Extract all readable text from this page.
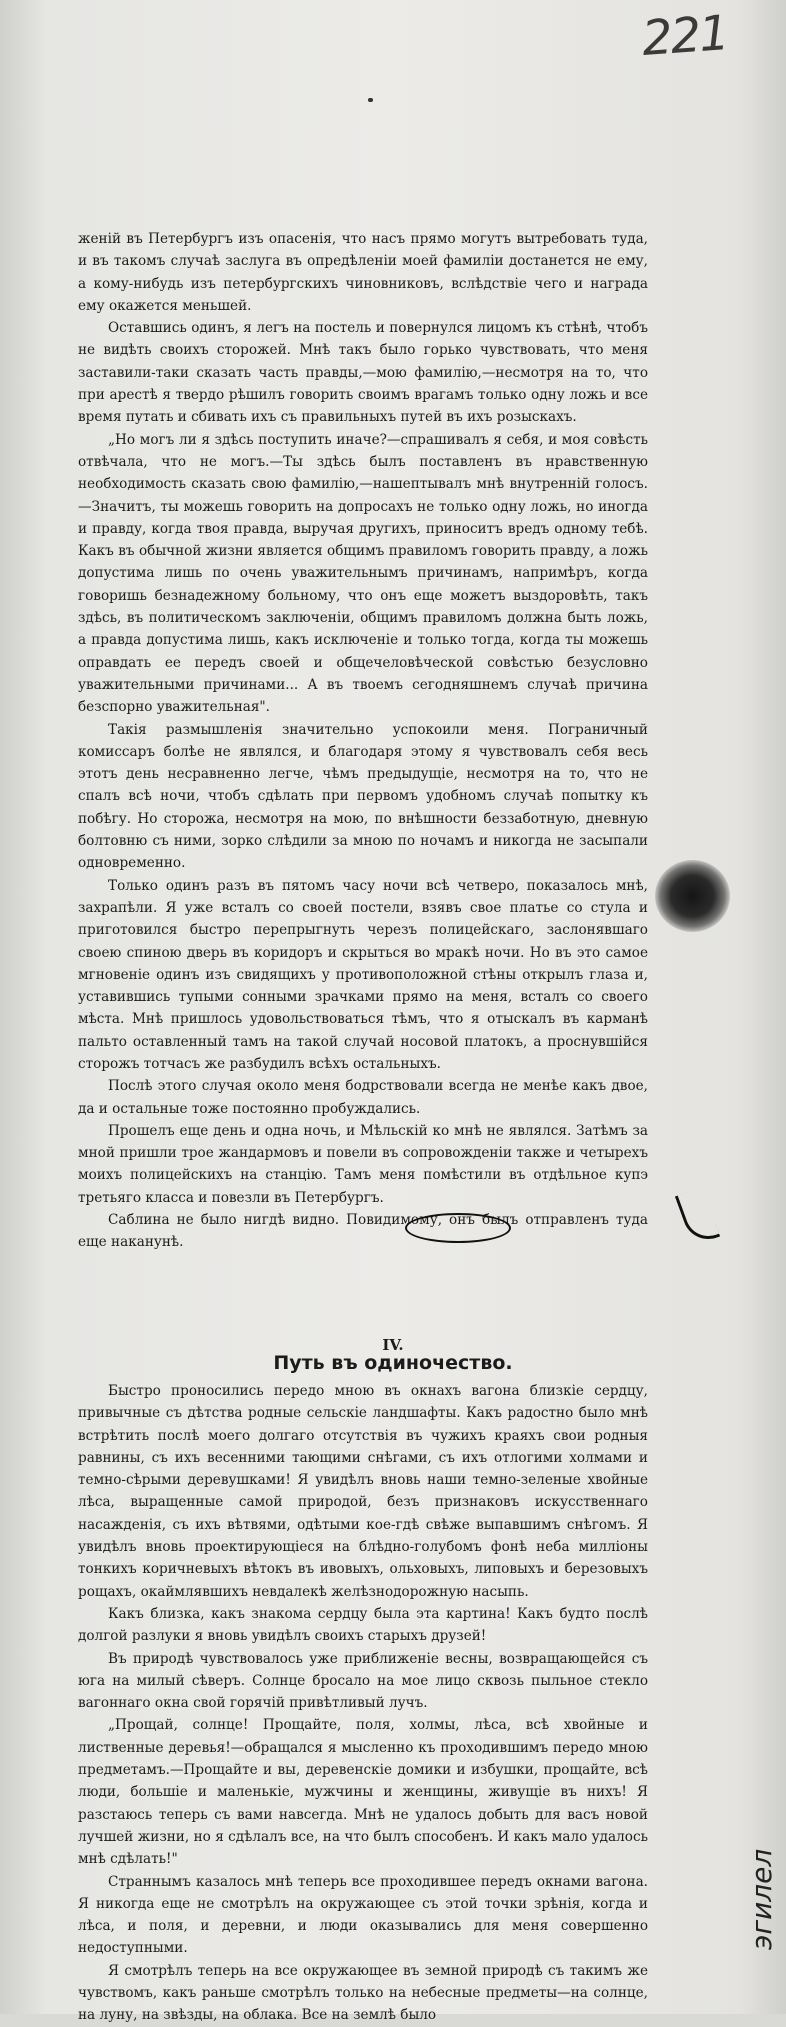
221

женій въ Петербургъ изъ опасенія, что насъ прямо могутъ вытребовать туда, и въ такомъ случаѣ заслуга въ опредѣленіи моей фамиліи достанется не ему, а кому-нибудь изъ петербургскихъ чиновниковъ, вслѣдствіе чего и награда ему окажется меньшей.

Оставшись одинъ, я легъ на постель и повернулся лицомъ къ стѣнѣ, чтобъ не видѣть своихъ сторожей. Мнѣ такъ было горько чувствовать, что меня заставили-таки сказать часть правды,—мою фамилію,—несмотря на то, что при арестѣ я твердо рѣшилъ говорить своимъ врагамъ только одну ложь и все время путать и сбивать ихъ съ правильныхъ путей въ ихъ розыскахъ.

„Но могъ ли я здѣсь поступить иначе?—спрашивалъ я себя, и моя совѣсть отвѣчала, что не могъ.—Ты здѣсь былъ поставленъ въ нравственную необходимость сказать свою фамилію,—нашептывалъ мнѣ внутренній голосъ.—Значитъ, ты можешь говорить на допросахъ не только одну ложь, но иногда и правду, когда твоя правда, выручая другихъ, приноситъ вредъ одному тебѣ. Какъ въ обычной жизни является общимъ правиломъ говорить правду, а ложь допустима лишь по очень уважительнымъ причинамъ, напримѣръ, когда говоришь безнадежному больному, что онъ еще можетъ выздоровѣть, такъ здѣсь, въ политическомъ заключеніи, общимъ правиломъ должна быть ложь, а правда допустима лишь, какъ исключеніе и только тогда, когда ты можешь оправдать ее передъ своей и общечеловѣческой совѣстью безусловно уважительными причинами... А въ твоемъ сегодняшнемъ случаѣ причина безспорно уважительная".

Такія размышленія значительно успокоили меня. Пограничный комиссаръ болѣе не являлся, и благодаря этому я чувствовалъ себя весь этотъ день несравненно легче, чѣмъ предыдущіе, несмотря на то, что не спалъ всѣ ночи, чтобъ сдѣлать при первомъ удобномъ случаѣ попытку къ побѣгу. Но сторожа, несмотря на мою, по внѣшности беззаботную, дневную болтовню съ ними, зорко слѣдили за мною по ночамъ и никогда не засыпали одновременно.

Только одинъ разъ въ пятомъ часу ночи всѣ четверо, показалось мнѣ, захрапѣли. Я уже всталъ со своей постели, взявъ свое платье со стула и приготовился быстро перепрыгнуть черезъ полицейскаго, заслонявшаго своею спиною дверь въ коридоръ и скрыться во мракѣ ночи. Но въ это самое мгновеніе одинъ изъ свидящихъ у противоположной стѣны открылъ глаза и, уставившись тупыми сонными зрачками прямо на меня, всталъ со своего мѣста. Мнѣ пришлось удовольствоваться тѣмъ, что я отыскалъ въ карманѣ пальто оставленный тамъ на такой случай носовой платокъ, а проснувшійся сторожъ тотчасъ же разбудилъ всѣхъ остальныхъ.

Послѣ этого случая около меня бодрствовали всегда не менѣе какъ двое, да и остальные тоже постоянно пробуждались.

Прошелъ еще день и одна ночь, и Мѣльскій ко мнѣ не являлся. Затѣмъ за мной пришли трое жандармовъ и повели въ сопровожденіи также и четырехъ моихъ полицейскихъ на станцію. Тамъ меня помѣстили въ отдѣльное купэ третьяго класса и повезли въ Петербургъ.

Саблина не было нигдѣ видно. Повидимому, онъ былъ отправленъ туда еще наканунѣ.

IV.
Путь въ одиночество.

Быстро проносились передо мною въ окнахъ вагона близкіе сердцу, привычные съ дѣтства родные сельскіе ландшафты. Какъ радостно было мнѣ встрѣтить послѣ моего долгаго отсутствія въ чужихъ краяхъ свои родныя равнины, съ ихъ весенними тающими снѣгами, съ ихъ отлогими холмами и темно-сѣрыми деревушками! Я увидѣлъ вновь наши темно-зеленые хвойные лѣса, выращенные самой природой, безъ признаковъ искусственнаго насажденія, съ ихъ вѣтвями, одѣтыми кое-гдѣ свѣже выпавшимъ снѣгомъ. Я увидѣлъ вновь проектирующіеся на блѣдно-голубомъ фонѣ неба милліоны тонкихъ коричневыхъ вѣтокъ въ ивовыхъ, ольховыхъ, липовыхъ и березовыхъ рощахъ, окаймлявшихъ невдалекѣ желѣзнодорожную насыпь.

Какъ близка, какъ знакома сердцу была эта картина! Какъ будто послѣ долгой разлуки я вновь увидѣлъ своихъ старыхъ друзей!

Въ природѣ чувствовалось уже приближеніе весны, возвращающейся съ юга на милый сѣверъ. Солнце бросало на мое лицо сквозь пыльное стекло вагоннаго окна свой горячій привѣтливый лучъ.

„Прощай, солнце! Прощайте, поля, холмы, лѣса, всѣ хвойные и лиственные деревья!—обращался я мысленно къ проходившимъ передо мною предметамъ.—Прощайте и вы, деревенскіе домики и избушки, прощайте, всѣ люди, большіе и маленькіе, мужчины и женщины, живущіе въ нихъ! Я разстаюсь теперь съ вами навсегда. Мнѣ не удалось добыть для васъ новой лучшей жизни, но я сдѣлалъ все, на что былъ способенъ. И какъ мало удалось мнѣ сдѣлать!"

Страннымъ казалось мнѣ теперь все проходившее передъ окнами вагона. Я никогда еще не смотрѣлъ на окружающее съ этой точки зрѣнія, когда и лѣса, и поля, и деревни, и люди оказывались для меня совершенно недоступными.

Я смотрѣлъ теперь на все окружающее въ земной природѣ съ такимъ же чувствомъ, какъ раньше смотрѣлъ только на небесные предметы—на солнце, на луну, на звѣзды, на облака. Все на землѣ было

эгилел
